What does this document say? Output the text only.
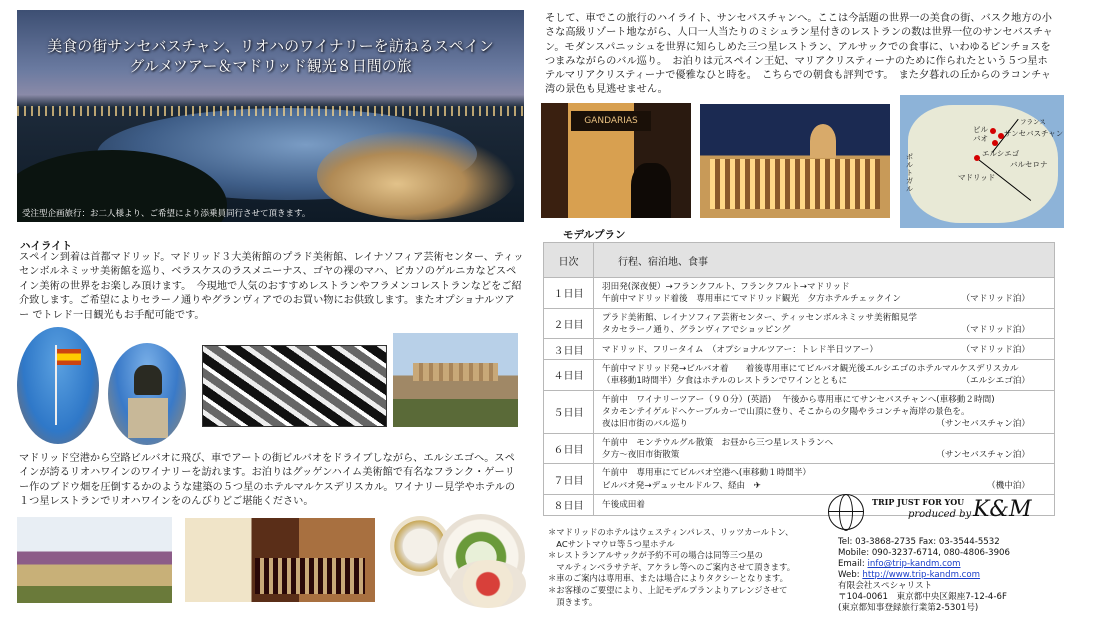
美食の街サンセバスチャン、リオハのワイナリーを訪ねるスペイン
グルメツアー＆マドリッド観光８日間の旅
受注型企画旅行：お二人様より、ご希望により添乗員同行させて頂きます。
ハイライト
スペイン到着は首都マドリッド。マドリッド３大美術館のプラド美術館、レイナソフィア芸術センター、ティッセンボルネミッサ美術館を巡り、ベラスケスのラスメニーナス、ゴヤの裸のマハ、ピカソのゲルニカなどスペイン美術の世界をお楽しみ頂けます。　今現地で人気のおすすめレストランやフラメンコレストランなどをご紹介致します。ご希望によりセラーノ通りやグランヴィアでのお買い物にお供致します。またオプショナルツアー でトレド一日観光もお手配可能です。
マドリッド空港から空路ビルバオに飛び、車でアートの街ビルバオをドライブしながら、エルシエゴへ。スペインが誇るリオハワインのワイナリーを訪れます。お泊りはグッゲンハイム美術館で有名なフランク・ゲーリー作のブドウ畑を圧倒するかのような建築の５つ星のホテルマルケスデリスカル。ワイナリー見学やホテルの１つ星レストランでリオハワインをのんびりどご堪能ください。
そして、車でこの旅行のハイライト、サンセバスチャンへ。ここは今話題の世界一の美食の街、バスク地方の小さな高級リゾート地ながら、人口一人当たりのミシュラン星付きのレストランの数は世界一位のサンセバスチャン。モダンスパニッシュを世界に知らしめた三つ星レストラン、アルサックでの食事に、いわゆるピンチョスをつまみながらのバル巡り。　お泊りは元スペイン王妃、マリアクリスティーナのために作られたという５つ星ホテルマリアクリスティーナで優雅なひと時を。　こちらでの朝食も評判です。　また夕暮れの丘からのラコンチャ湾の景色も見逃せません。
GANDARIAS
ビルバオ
フランス
サンセバスチャン
エルシエゴ
ポルトガル
バルセロナ
マドリッド
モデルプラン
日次	行程、宿泊地、食事
１日目	羽田発(深夜便）→フランクフルト、フランクフルト→マドリッド
午前中マドリッド着後　専用車にてマドリッド観光　夕方ホテルチェックイン （マドリッド泊）

２日目	プラド美術館、レイナソフィア芸術センター、ティッセンボルネミッサ美術館見学
タカセラーノ通り、グランヴィアでショッピング （マドリッド泊）

３日目	マドリッド、フリータイム　（オプショナルツアー：トレド半日ツアー） （マドリッド泊）

４日目	午前中マドリッド発→ビルバオ着　　着後専用車にてビルバオ観光後エルシエゴのホテルマルケスデリスカル
（車移動1時間半）夕食はホテルのレストランでワインとともに （エルシエゴ泊）

５日目	午前中　ワイナリーツアー（９０分）(英語)　 午後から専用車にてサンセバスチャンへ(車移動２時間)
タカモンテイゲルドへケーブルカーで山頂に登り、そこからの夕陽やラコンチャ海岸の景色を。
夜は旧市街のバル巡り （サンセバスチャン泊）

６日目	午前中　モンテウルグル散策　お昼から三つ星レストランへ
夕方～夜旧市街散策 （サンセバスチャン泊）

７日目	午前中　専用車にてビルバオ空港へ(車移動１時間半）
ビルバオ発→デュッセルドルフ、経由　✈ （機中泊）

８日目	午後成田着
＊マドリッドのホテルはウェスティンパレス、リッツカールトン、
　ACサントマウロ等５つ星ホテル
＊レストランアルサックが予約不可の場合は同等三つ星の
　マルティンベラサテギ、アケラレ等へのご案内させて頂きます。
＊車のご案内は専用車、または場合によりタクシーとなります。
＊お客様のご要望により、上記モデルプランよりアレンジさせて
　頂きます。
TRIP JUST FOR YOU
produced by K&M
Tel: 03-3868-2735 Fax: 03-3544-5532
Mobile: 090-3237-6714, 080-4806-3906
Email: info@trip-kandm.com
Web: http://www.trip-kandm.com
有限会社スペシャリスト
〒104-0061　東京都中央区銀座7-12-4-6F
(東京都知事登録旅行業第2-5301号)
